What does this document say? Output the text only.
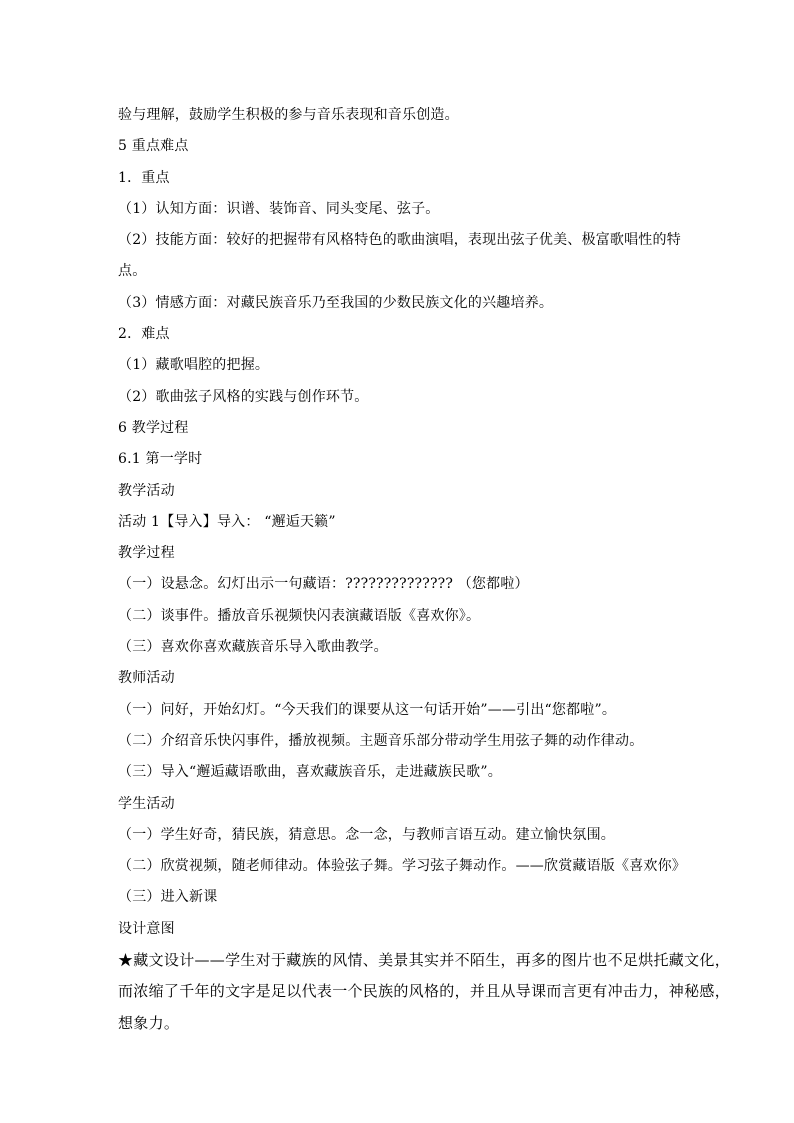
验与理解，鼓励学生积极的参与音乐表现和音乐创造。
5 重点难点
1．重点
（1）认知方面：识谱、装饰音、同头变尾、弦子。
（2）技能方面：较好的把握带有风格特色的歌曲演唱，表现出弦子优美、极富歌唱性的特
点。
（3）情感方面：对藏民族音乐乃至我国的少数民族文化的兴趣培养。
2．难点
（1）藏歌唱腔的把握。
（2）歌曲弦子风格的实践与创作环节。
6 教学过程
6.1 第一学时
教学活动
活动 1【导入】导入： “邂逅天籁”
教学过程
（一）设悬念。幻灯出示一句藏语：?????????????? （您都啦）
（二）谈事件。播放音乐视频快闪表演藏语版《喜欢你》。
（三）喜欢你喜欢藏族音乐导入歌曲教学。
教师活动
（一）问好，开始幻灯。“今天我们的课要从这一句话开始”——引出“您都啦”。
（二）介绍音乐快闪事件，播放视频。主题音乐部分带动学生用弦子舞的动作律动。
（三）导入“邂逅藏语歌曲，喜欢藏族音乐，走进藏族民歌”。
学生活动
（一）学生好奇，猜民族，猜意思。念一念，与教师言语互动。建立愉快氛围。
（二）欣赏视频，随老师律动。体验弦子舞。学习弦子舞动作。——欣赏藏语版《喜欢你》
（三）进入新课
设计意图
★藏文设计——学生对于藏族的风情、美景其实并不陌生，再多的图片也不足烘托藏文化，
而浓缩了千年的文字是足以代表一个民族的风格的，并且从导课而言更有冲击力，神秘感，
想象力。
